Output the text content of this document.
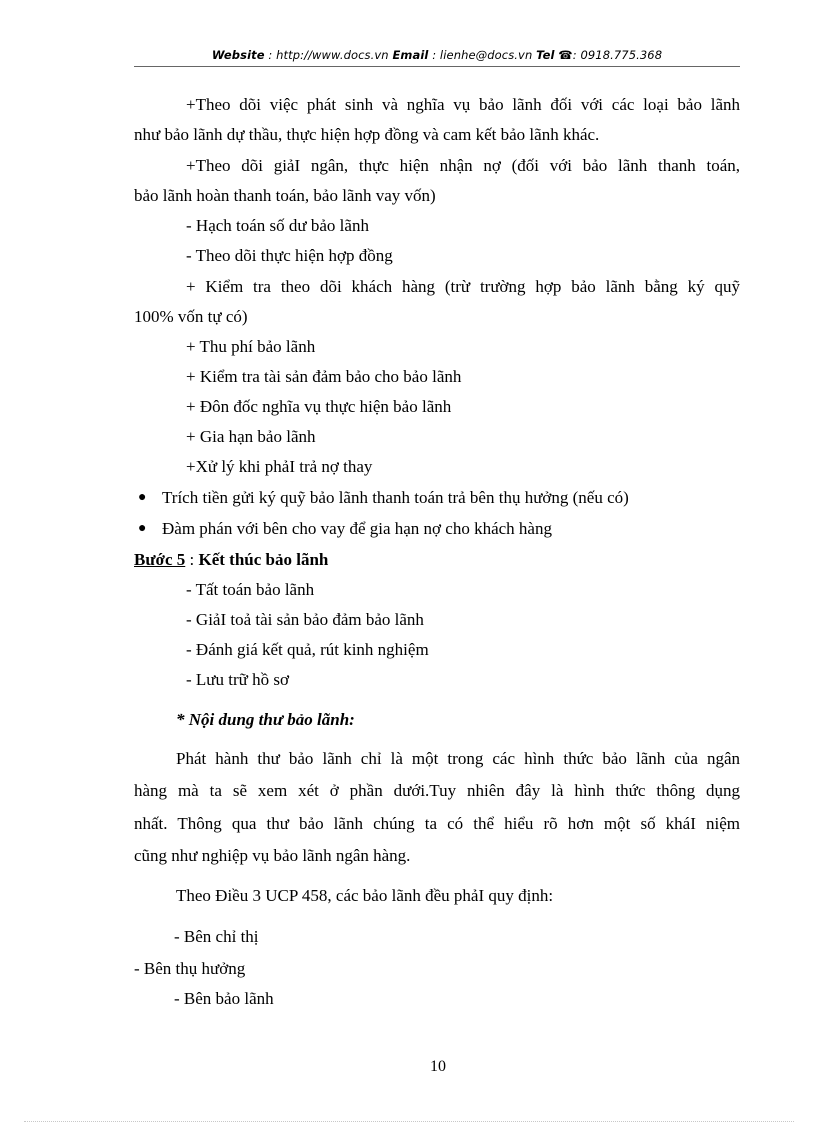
Website : http://www.docs.vn Email : lienhe@docs.vn Tel ☎: 0918.775.368
+Theo dõi việc phát sinh và nghĩa vụ bảo lãnh đối với các loại bảo lãnh
như bảo lãnh dự thầu, thực hiện hợp đồng và cam kết bảo lãnh khác.
+Theo dõi giảI ngân, thực hiện nhận nợ (đối với bảo lãnh thanh toán,
bảo lãnh hoàn thanh toán, bảo lãnh vay vốn)
- Hạch toán số dư bảo lãnh
- Theo dõi thực hiện hợp đồng
+ Kiểm tra theo dõi khách hàng (trừ trường hợp bảo lãnh bằng ký quỹ
100% vốn tự có)
+ Thu phí bảo lãnh
+ Kiểm tra tài sản đảm bảo cho bảo lãnh
+ Đôn đốc nghĩa vụ thực hiện bảo lãnh
+ Gia hạn bảo lãnh
+Xử lý khi phảI trả nợ thay
● Trích tiền gửi ký quỹ bảo lãnh thanh toán trả bên thụ hưởng (nếu có)
● Đàm phán với bên cho vay để gia hạn nợ cho khách hàng
Bước 5 : Kết thúc bảo lãnh
- Tất toán bảo lãnh
- GiảI toả tài sản bảo đảm bảo lãnh
- Đánh giá kết quả, rút kinh nghiệm
- Lưu trữ hồ sơ
* Nội dung thư bảo lãnh:
Phát hành thư bảo lãnh chỉ là một trong các hình thức bảo lãnh của ngân
hàng mà ta sẽ xem xét ở phần dưới.Tuy nhiên đây là hình thức thông dụng
nhất. Thông qua thư bảo lãnh chúng ta có thể hiểu rõ hơn một số kháI niệm
cũng như nghiệp vụ bảo lãnh ngân hàng.
Theo Điều 3 UCP 458, các bảo lãnh đều phảI quy định:
- Bên chỉ thị
- Bên thụ hưởng
- Bên bảo lãnh
10
